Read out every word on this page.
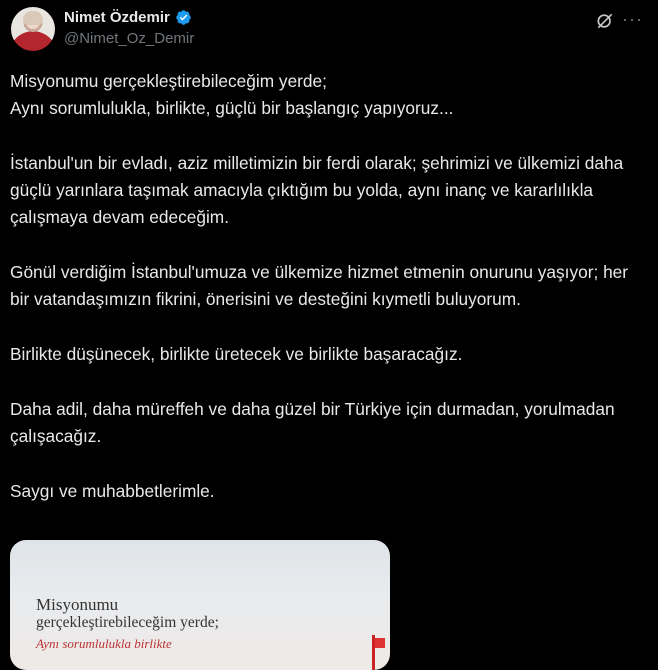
Nimet Özdemir
@Nimet_Oz_Demir
···

Misyonumu gerçekleştirebileceğim yerde;
Aynı sorumlulukla, birlikte, güçlü bir başlangıç yapıyoruz...

İstanbul'un bir evladı, aziz milletimizin bir ferdi olarak; şehrimizi ve ülkemizi daha güçlü yarınlara taşımak amacıyla çıktığım bu yolda, aynı inanç ve kararlılıkla çalışmaya devam edeceğim.

Gönül verdiğim İstanbul'umuza ve ülkemize hizmet etmenin onurunu yaşıyor; her bir vatandaşımızın fikrini, önerisini ve desteğini kıymetli buluyorum.

Birlikte düşünecek, birlikte üretecek ve birlikte başaracağız.

Daha adil, daha müreffeh ve daha güzel bir Türkiye için durmadan, yorulmadan çalışacağız.

Saygı ve muhabbetlerimle.

Misyonumu
gerçekleştirebileceğim yerde;
Aynı sorumlulukla birlikte
